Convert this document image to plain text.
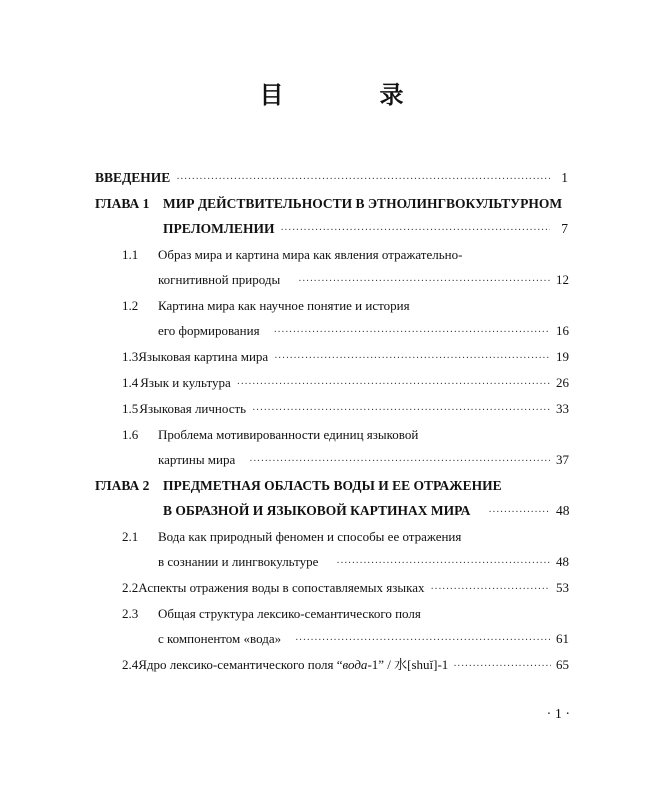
目　录
ВВЕДЕНИЕ ·····	1
ГЛАВА 1	МИР ДЕЙСТВИТЕЛЬНОСТИ В ЭТНОЛИНГВОКУЛЬТУРНОМ
ПРЕЛОМЛЕНИИ ·····	7
1.1	Образ мира и картина мира как явления отражательно-
когнитивной природы ·····	12
1.2	Картина мира как научное понятие и история
его формирования ·····	16
1.3 Языковая картина мира ·····	19
1.4 Язык и культура ·····	26
1.5 Языковая личность ·····	33
1.6	Проблема мотивированности единиц языковой
картины мира ·····	37
ГЛАВА 2	ПРЕДМЕТНАЯ ОБЛАСТЬ ВОДЫ И ЕЕ ОТРАЖЕНИЕ
В ОБРАЗНОЙ И ЯЗЫКОВОЙ КАРТИНАХ МИРА ·····	48
2.1	Вода как природный феномен и способы ее отражения
в сознании и лингвокультуре ·····	48
2.2 Аспекты отражения воды в сопоставляемых языках ·····	53
2.3	Общая структура лексико-семантического поля
с компонентом «вода» ·····	61
2.4 Ядро лексико-семантического поля “вода-1” / 水[shuǐ]-1 ·····	65
· 1 ·
